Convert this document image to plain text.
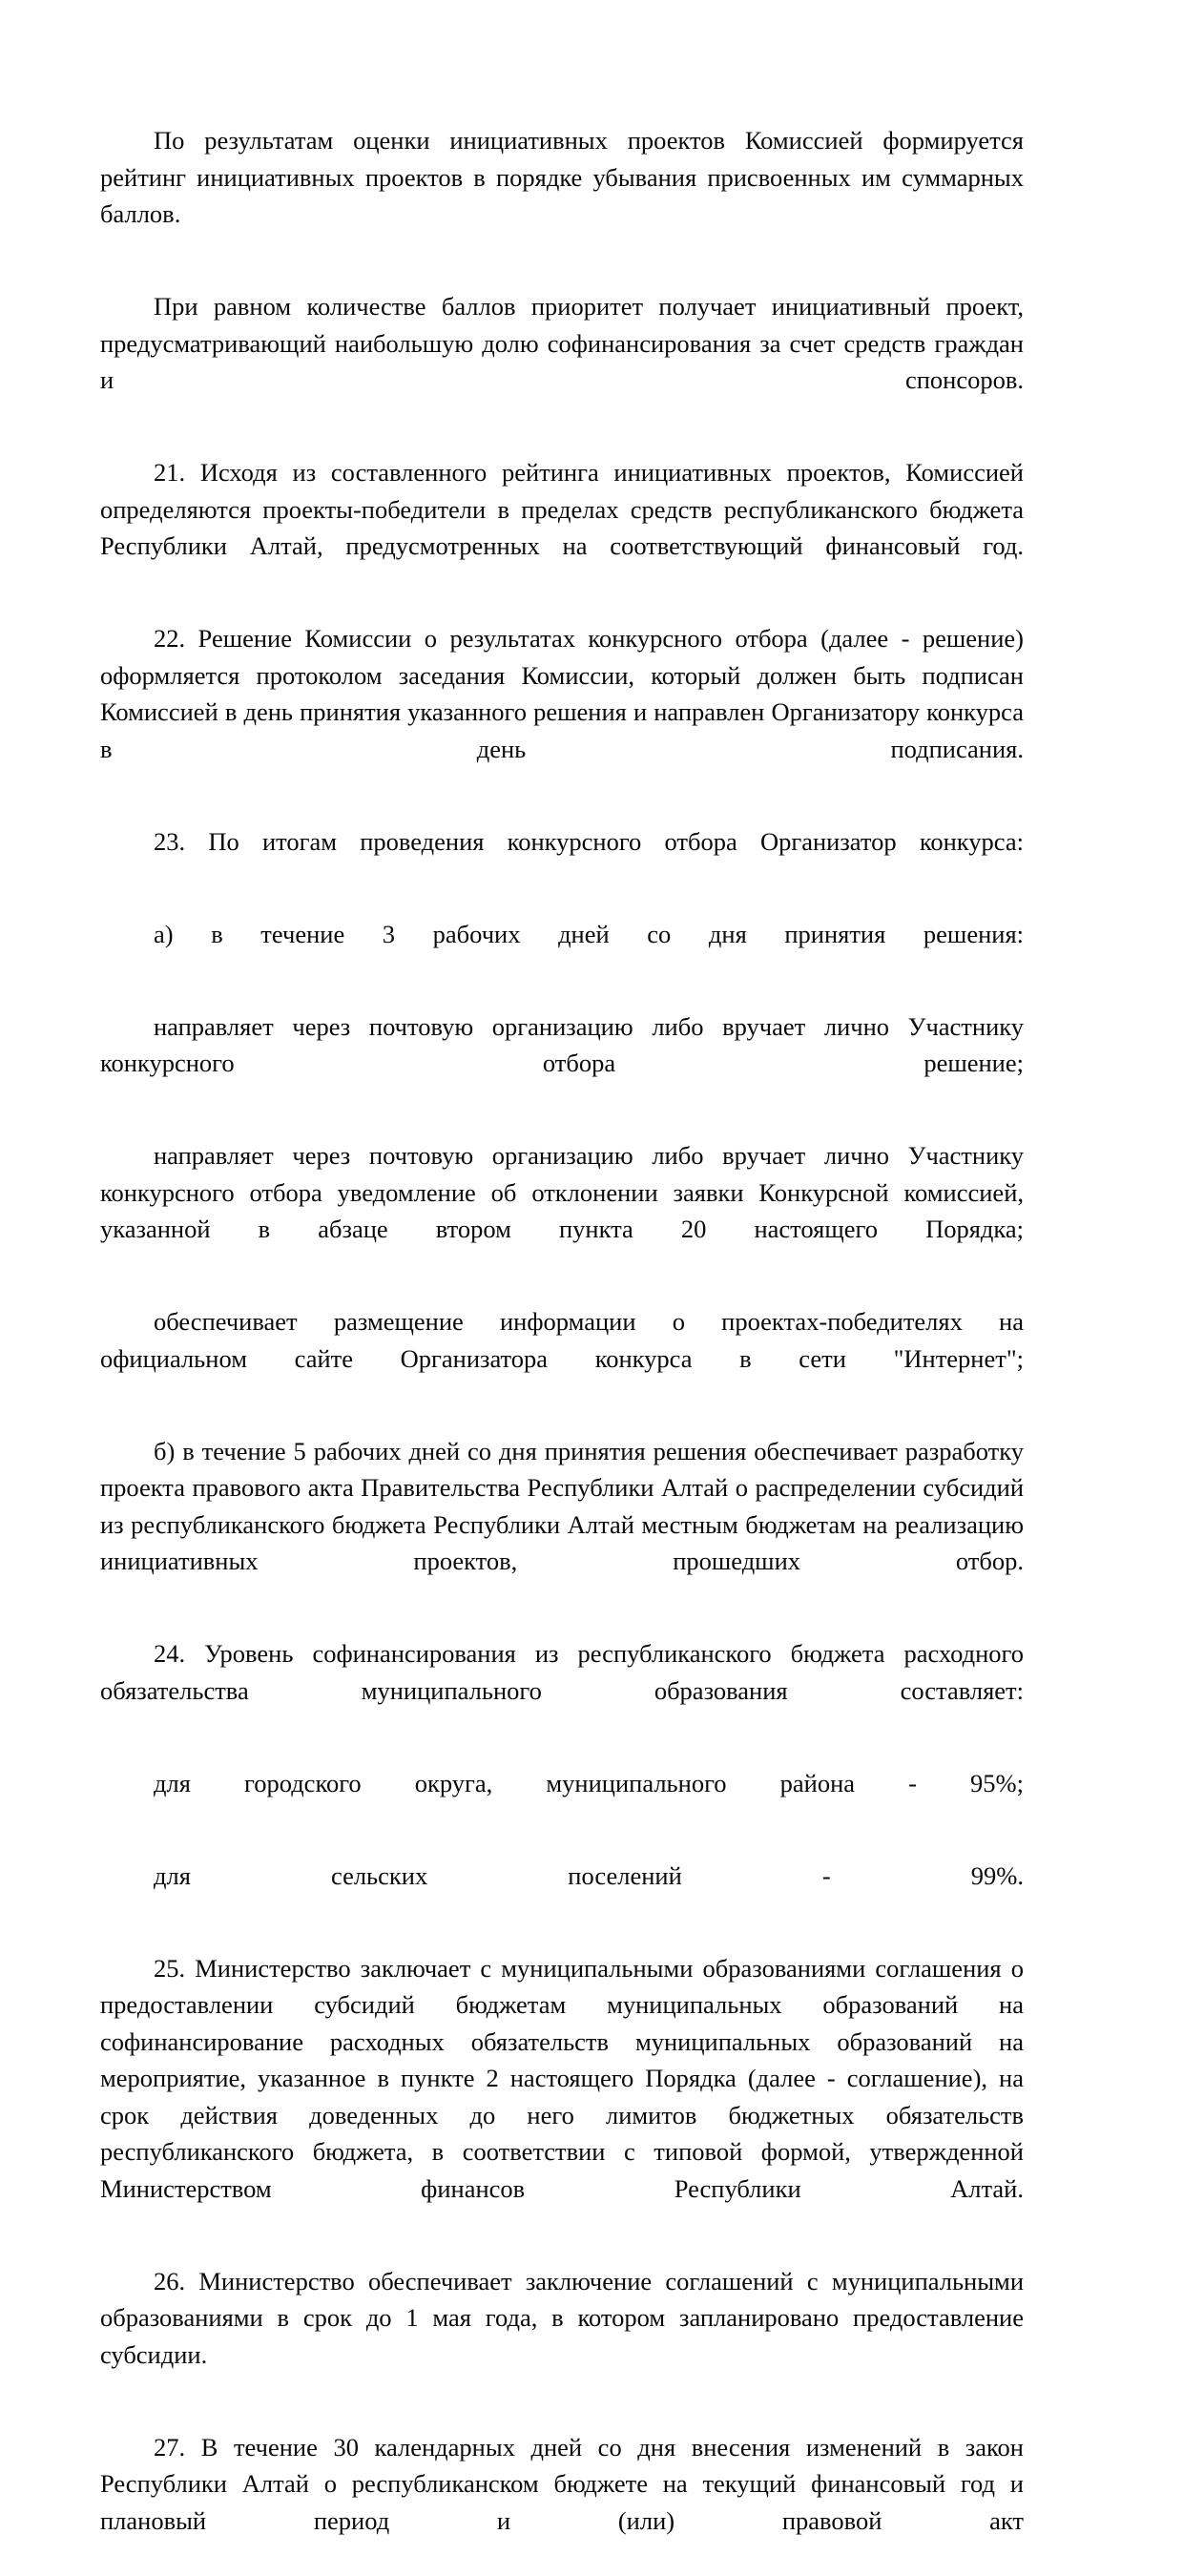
По результатам оценки инициативных проектов Комиссией формируется рейтинг инициативных проектов в порядке убывания присвоенных им суммарных баллов.

При равном количестве баллов приоритет получает инициативный проект, предусматривающий наибольшую долю софинансирования за счет средств граждан и спонсоров.

21. Исходя из составленного рейтинга инициативных проектов, Комиссией определяются проекты-победители в пределах средств республиканского бюджета Республики Алтай, предусмотренных на соответствующий финансовый год.

22. Решение Комиссии о результатах конкурсного отбора (далее - решение) оформляется протоколом заседания Комиссии, который должен быть подписан Комиссией в день принятия указанного решения и направлен Организатору конкурса в день подписания.

23. По итогам проведения конкурсного отбора Организатор конкурса:

а) в течение 3 рабочих дней со дня принятия решения:

направляет через почтовую организацию либо вручает лично Участнику конкурсного отбора решение;

направляет через почтовую организацию либо вручает лично Участнику конкурсного отбора уведомление об отклонении заявки Конкурсной комиссией, указанной в абзаце втором пункта 20 настоящего Порядка;

обеспечивает размещение информации о проектах-победителях на официальном сайте Организатора конкурса в сети "Интернет";

б) в течение 5 рабочих дней со дня принятия решения обеспечивает разработку проекта правового акта Правительства Республики Алтай о распределении субсидий из республиканского бюджета Республики Алтай местным бюджетам на реализацию инициативных проектов, прошедших отбор.

24. Уровень софинансирования из республиканского бюджета расходного обязательства муниципального образования составляет:

для городского округа, муниципального района - 95%;

для сельских поселений - 99%.

25. Министерство заключает с муниципальными образованиями соглашения о предоставлении субсидий бюджетам муниципальных образований на софинансирование расходных обязательств муниципальных образований на мероприятие, указанное в пункте 2 настоящего Порядка (далее - соглашение), на срок действия доведенных до него лимитов бюджетных обязательств республиканского бюджета, в соответствии с типовой формой, утвержденной Министерством финансов Республики Алтай.

26. Министерство обеспечивает заключение соглашений с муниципальными образованиями в срок до 1 мая года, в котором запланировано предоставление субсидии.

27. В течение 30 календарных дней со дня внесения изменений в закон Республики Алтай о республиканском бюджете на текущий финансовый год и плановый период и (или) правовой акт
